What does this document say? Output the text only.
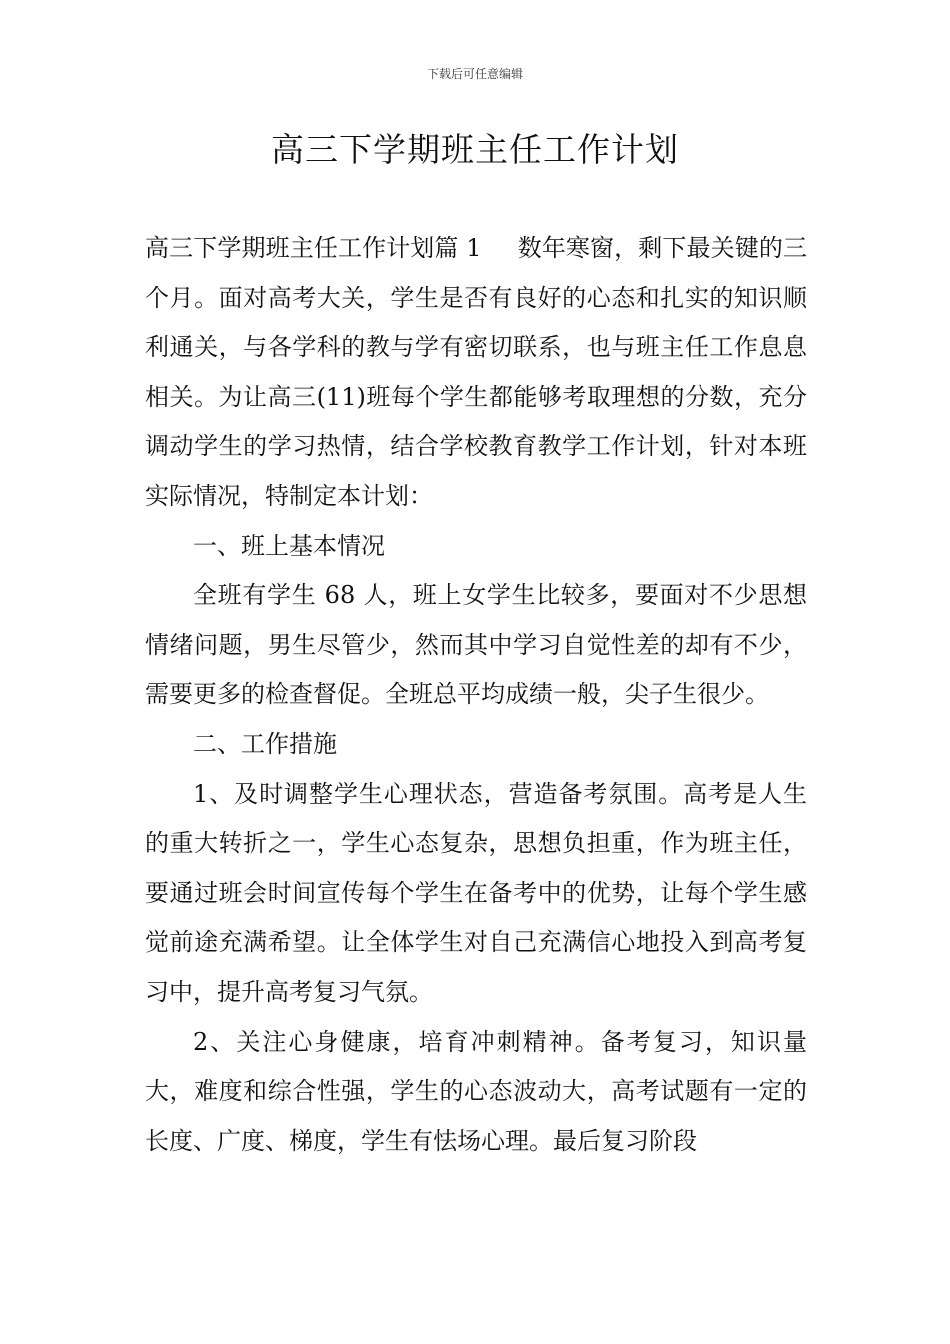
下载后可任意编辑
高三下学期班主任工作计划

高三下学期班主任工作计划篇 1 数年寒窗，剩下最关键的三个月。面对高考大关，学生是否有良好的心态和扎实的知识顺利通关，与各学科的教与学有密切联系，也与班主任工作息息相关。为让高三(11)班每个学生都能够考取理想的分数，充分调动学生的学习热情，结合学校教育教学工作计划，针对本班实际情况，特制定本计划：

一、班上基本情况

全班有学生 68 人，班上女学生比较多，要面对不少思想情绪问题，男生尽管少，然而其中学习自觉性差的却有不少，需要更多的检查督促。全班总平均成绩一般，尖子生很少。

二、工作措施

1、及时调整学生心理状态，营造备考氛围。高考是人生的重大转折之一，学生心态复杂，思想负担重，作为班主任，要通过班会时间宣传每个学生在备考中的优势，让每个学生感觉前途充满希望。让全体学生对自己充满信心地投入到高考复习中，提升高考复习气氛。

2、关注心身健康，培育冲刺精神。备考复习，知识量大，难度和综合性强，学生的心态波动大，高考试题有一定的长度、广度、梯度，学生有怯场心理。最后复习阶段
